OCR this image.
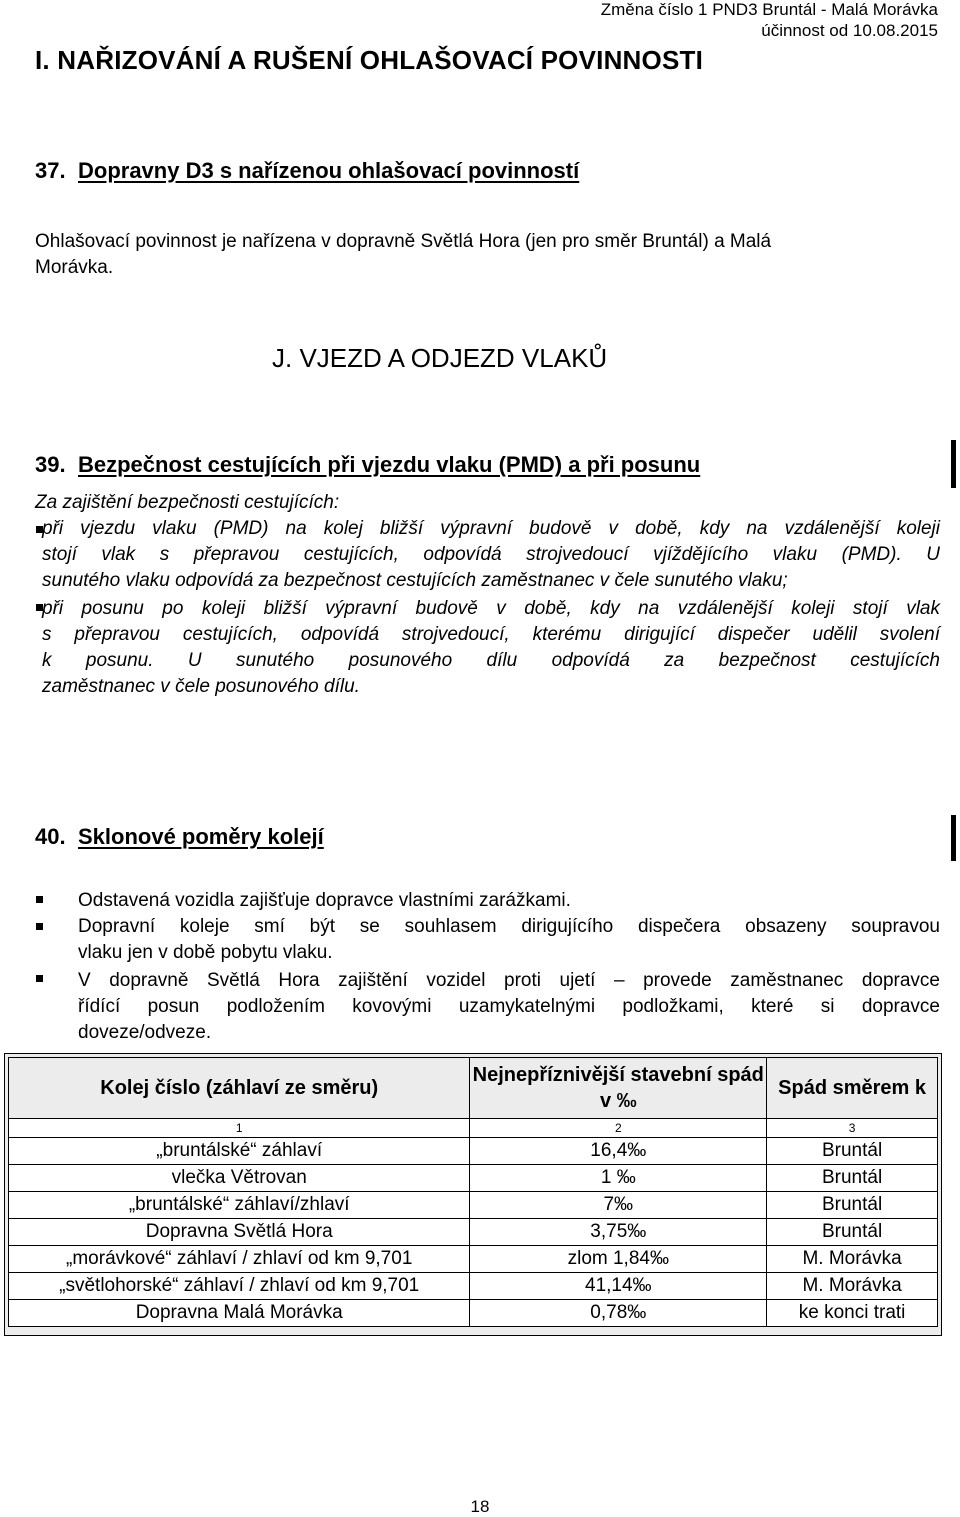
Změna číslo 1 PND3 Bruntál - Malá Morávka
účinnost od 10.08.2015
I. NAŘIZOVÁNÍ A RUŠENÍ OHLAŠOVACÍ POVINNOSTI
37. Dopravny D3 s nařízenou ohlašovací povinností
Ohlašovací povinnost je nařízena v dopravně Světlá Hora (jen pro směr Bruntál) a Malá
Morávka.
J. VJEZD A ODJEZD VLAKŮ
39. Bezpečnost cestujících při vjezdu vlaku (PMD) a při posunu
Za zajištění bezpečnosti cestujících:
při vjezdu vlaku (PMD) na kolej bližší výpravní budově v době, kdy na vzdálenější koleji
stojí vlak s přepravou cestujících, odpovídá strojvedoucí vjíždějícího vlaku (PMD). U
sunutého vlaku odpovídá za bezpečnost cestujících zaměstnanec v čele sunutého vlaku;
při posunu po koleji bližší výpravní budově v době, kdy na vzdálenější koleji stojí vlak
s přepravou cestujících, odpovídá strojvedoucí, kterému dirigující dispečer udělil svolení
k posunu. U sunutého posunového dílu odpovídá za bezpečnost cestujících
zaměstnanec v čele posunového dílu.
40. Sklonové poměry kolejí
Odstavená vozidla zajišťuje dopravce vlastními zarážkami.
Dopravní koleje smí být se souhlasem dirigujícího dispečera obsazeny soupravou
vlaku jen v době pobytu vlaku.
V dopravně Světlá Hora zajištění vozidel proti ujetí – provede zaměstnanec dopravce
řídící posun podložením kovovými uzamykatelnými podložkami, které si dopravce
doveze/odveze.
Kolej číslo (záhlaví ze směru)	Nejnepříznivější stavební spád v ‰	Spád směrem k
1	2	3
„bruntálské“ záhlaví	16,4‰	Bruntál
vlečka Větrovan	1 ‰	Bruntál
„bruntálské“ záhlaví/zhlaví	7‰	Bruntál
Dopravna Světlá Hora	3,75‰	Bruntál
„morávkové“ záhlaví / zhlaví od km 9,701	zlom 1,84‰	M. Morávka
„světlohorské“ záhlaví / zhlaví od km 9,701	41,14‰	M. Morávka
Dopravna Malá Morávka	0,78‰	ke konci trati
18
